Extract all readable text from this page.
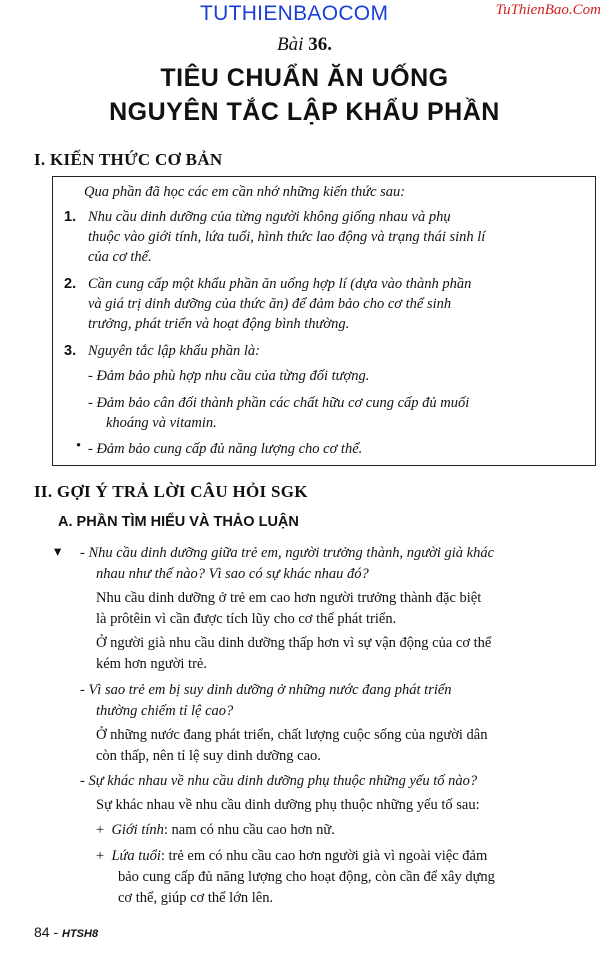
TUTHIENBAOCOM	TuThienBao.Com
Bài 36.
TIÊU CHUẨN ĂN UỐNG
NGUYÊN TẮC LẬP KHẨU PHẦN
I. KIẾN THỨC CƠ BẢN
Qua phần đã học các em cần nhớ những kiến thức sau:
1. Nhu cầu dinh dưỡng của từng người không giống nhau và phụ
thuộc vào giới tính, lứa tuổi, hình thức lao động và trạng thái sinh lí
của cơ thể.
2. Cần cung cấp một khẩu phần ăn uống hợp lí (dựa vào thành phần
và giá trị dinh dưỡng của thức ăn) để đảm bảo cho cơ thể sinh
trưởng, phát triển và hoạt động bình thường.
3. Nguyên tắc lập khẩu phần là:
- Đảm bảo phù hợp nhu cầu của từng đối tượng.
- Đảm bảo cân đối thành phần các chất hữu cơ cung cấp đủ muối
khoáng và vitamin.
• - Đảm bảo cung cấp đủ năng lượng cho cơ thể.
II. GỢI Ý TRẢ LỜI CÂU HỎI SGK
A. PHẦN TÌM HIỂU VÀ THẢO LUẬN
▾ - Nhu cầu dinh dưỡng giữa trẻ em, người trưởng thành, người già khác
nhau như thế nào? Vì sao có sự khác nhau đó?
Nhu cầu dinh dưỡng ở trẻ em cao hơn người trưởng thành đặc biệt
là prôtêin vì cần được tích lũy cho cơ thể phát triển.
Ở người già nhu cầu dinh dưỡng thấp hơn vì sự vận động của cơ thể
kém hơn người trẻ.
- Vì sao trẻ em bị suy dinh dưỡng ở những nước đang phát triển
thường chiếm tỉ lệ cao?
Ở những nước đang phát triển, chất lượng cuộc sống của người dân
còn thấp, nên tỉ lệ suy dinh dưỡng cao.
- Sự khác nhau về nhu cầu dinh dưỡng phụ thuộc những yếu tố nào?
Sự khác nhau về nhu cầu dinh dưỡng phụ thuộc những yếu tố sau:
+ Giới tính: nam có nhu cầu cao hơn nữ.
+ Lứa tuổi: trẻ em có nhu cầu cao hơn người già vì ngoài việc đảm
bảo cung cấp đủ năng lượng cho hoạt động, còn cần để xây dựng
cơ thể, giúp cơ thể lớn lên.
84 - HTSH8
